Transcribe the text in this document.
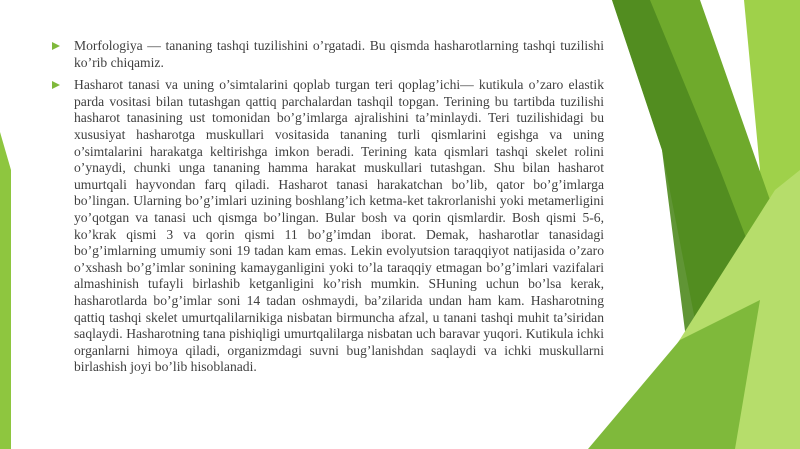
Morfologiya — tananing tashqi tuzilishini o’rgatadi. Bu qismda hasharotlarning tashqi tuzilishi ko’rib chiqamiz.
Hasharot tanasi va uning o’simtalarini qoplab turgan teri qoplag’ichi— kutikula o’zaro elastik parda vositasi bilan tutashgan qattiq parchalardan tashqil topgan. Terining bu tartibda tuzilishi hasharot tanasining ust tomonidan bo’g’imlarga ajralishini ta’minlaydi. Teri tuzilishidagi bu xususiyat hasharotga muskullari vositasida tananing turli qismlarini egishga va uning o’simtalarini harakatga keltirishga imkon beradi. Terining kata qismlari tashqi skelet rolini o’ynaydi, chunki unga tananing hamma harakat muskullari tutashgan. Shu bilan hasharot umurtqali hayvondan farq qiladi. Hasharot tanasi harakatchan bo’lib, qator bo’g’imlarga bo’lingan. Ularning bo’g’imlari uzining boshlang’ich ketma-ket takrorlanishi yoki metamerligini yo’qotgan va tanasi uch qismga bo’lingan. Bular bosh va qorin qismlardir. Bosh qismi 5-6, ko’krak qismi 3 va qorin qismi 11 bo’g’imdan iborat. Demak, hasharotlar tanasidagi bo’g’imlarning umumiy soni 19 tadan kam emas. Lekin evolyutsion taraqqiyot natijasida o’zaro o’xshash bo’g’imlar sonining kamayganligini yoki to’la taraqqiy etmagan bo’g’imlari vazifalari almashinish tufayli birlashib ketganligini ko’rish mumkin. SHuning uchun bo’lsa kerak, hasharotlarda bo’g’imlar soni 14 tadan oshmaydi, ba’zilarida undan ham kam. Hasharotning qattiq tashqi skelet umurtqalilarnikiga nisbatan birmuncha afzal, u tanani tashqi muhit ta’siridan saqlaydi. Hasharotning tana pishiqligi umurtqalilarga nisbatan uch baravar yuqori. Kutikula ichki organlarni himoya qiladi, organizmdagi suvni bug’lanishdan saqlaydi va ichki muskullarni birlashish joyi bo’lib hisoblanadi.
